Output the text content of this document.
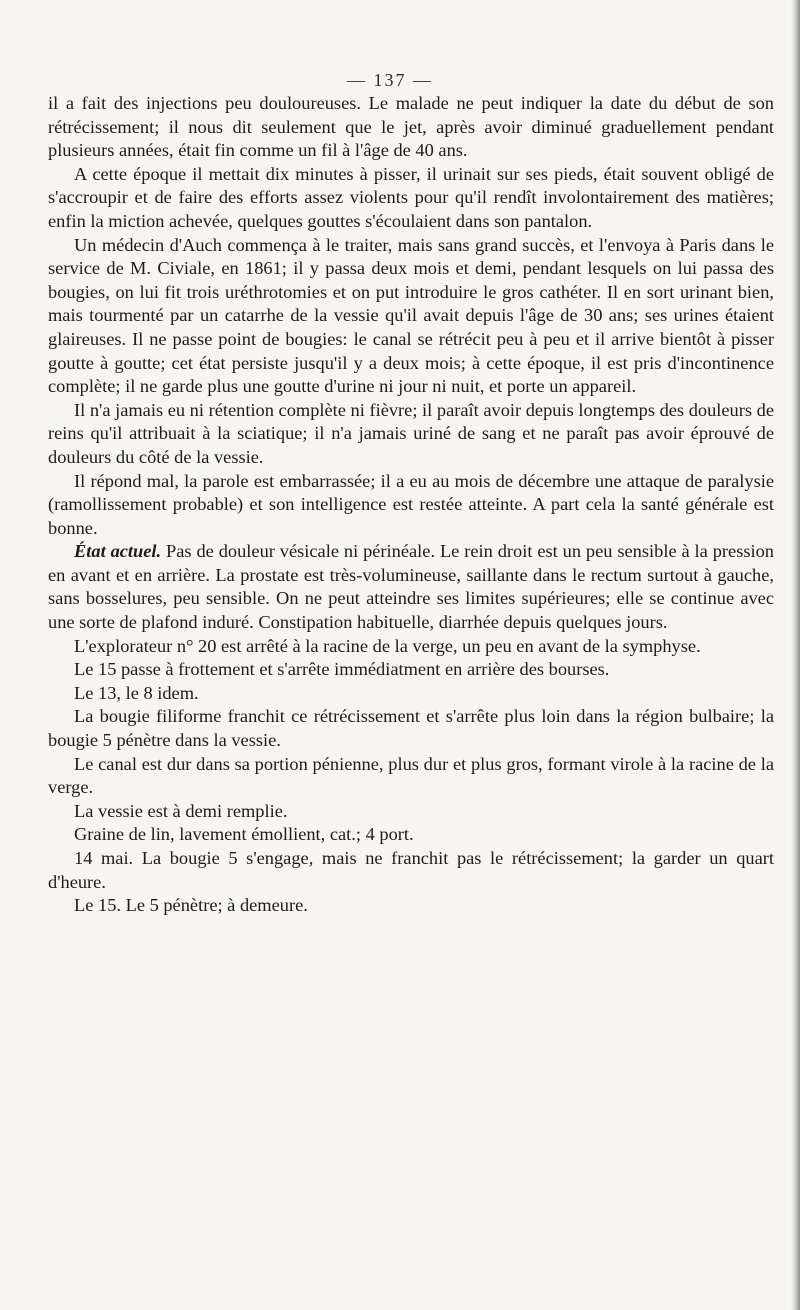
— 137 —

il a fait des injections peu douloureuses. Le malade ne peut indiquer la date du début de son rétrécissement; il nous dit seulement que le jet, après avoir diminué graduellement pendant plusieurs années, était fin comme un fil à l'âge de 40 ans.

A cette époque il mettait dix minutes à pisser, il urinait sur ses pieds, était souvent obligé de s'accroupir et de faire des efforts assez violents pour qu'il rendît involontairement des matières; enfin la miction achevée, quelques gouttes s'écoulaient dans son pantalon.

Un médecin d'Auch commença à le traiter, mais sans grand succès, et l'envoya à Paris dans le service de M. Civiale, en 1861; il y passa deux mois et demi, pendant lesquels on lui passa des bougies, on lui fit trois uréthrotomies et on put introduire le gros cathéter. Il en sort urinant bien, mais tourmenté par un catarrhe de la vessie qu'il avait depuis l'âge de 30 ans; ses urines étaient glaireuses. Il ne passe point de bougies: le canal se rétrécit peu à peu et il arrive bientôt à pisser goutte à goutte; cet état persiste jusqu'il y a deux mois; à cette époque, il est pris d'incontinence complète; il ne garde plus une goutte d'urine ni jour ni nuit, et porte un appareil.

Il n'a jamais eu ni rétention complète ni fièvre; il paraît avoir depuis longtemps des douleurs de reins qu'il attribuait à la sciatique; il n'a jamais uriné de sang et ne paraît pas avoir éprouvé de douleurs du côté de la vessie.

Il répond mal, la parole est embarrassée; il a eu au mois de décembre une attaque de paralysie (ramollissement probable) et son intelligence est restée atteinte. A part cela la santé générale est bonne.

État actuel. Pas de douleur vésicale ni périnéale. Le rein droit est un peu sensible à la pression en avant et en arrière. La prostate est très-volumineuse, saillante dans le rectum surtout à gauche, sans bosselures, peu sensible. On ne peut atteindre ses limites supérieures; elle se continue avec une sorte de plafond induré. Constipation habituelle, diarrhée depuis quelques jours.

L'explorateur n° 20 est arrêté à la racine de la verge, un peu en avant de la symphyse.

Le 15 passe à frottement et s'arrête immédiatment en arrière des bourses.

Le 13, le 8 idem.

La bougie filiforme franchit ce rétrécissement et s'arrête plus loin dans la région bulbaire; la bougie 5 pénètre dans la vessie.

Le canal est dur dans sa portion pénienne, plus dur et plus gros, formant virole à la racine de la verge.

La vessie est à demi remplie.

Graine de lin, lavement émollient, cat.; 4 port.

14 mai. La bougie 5 s'engage, mais ne franchit pas le rétrécissement; la garder un quart d'heure.

Le 15. Le 5 pénètre; à demeure.
